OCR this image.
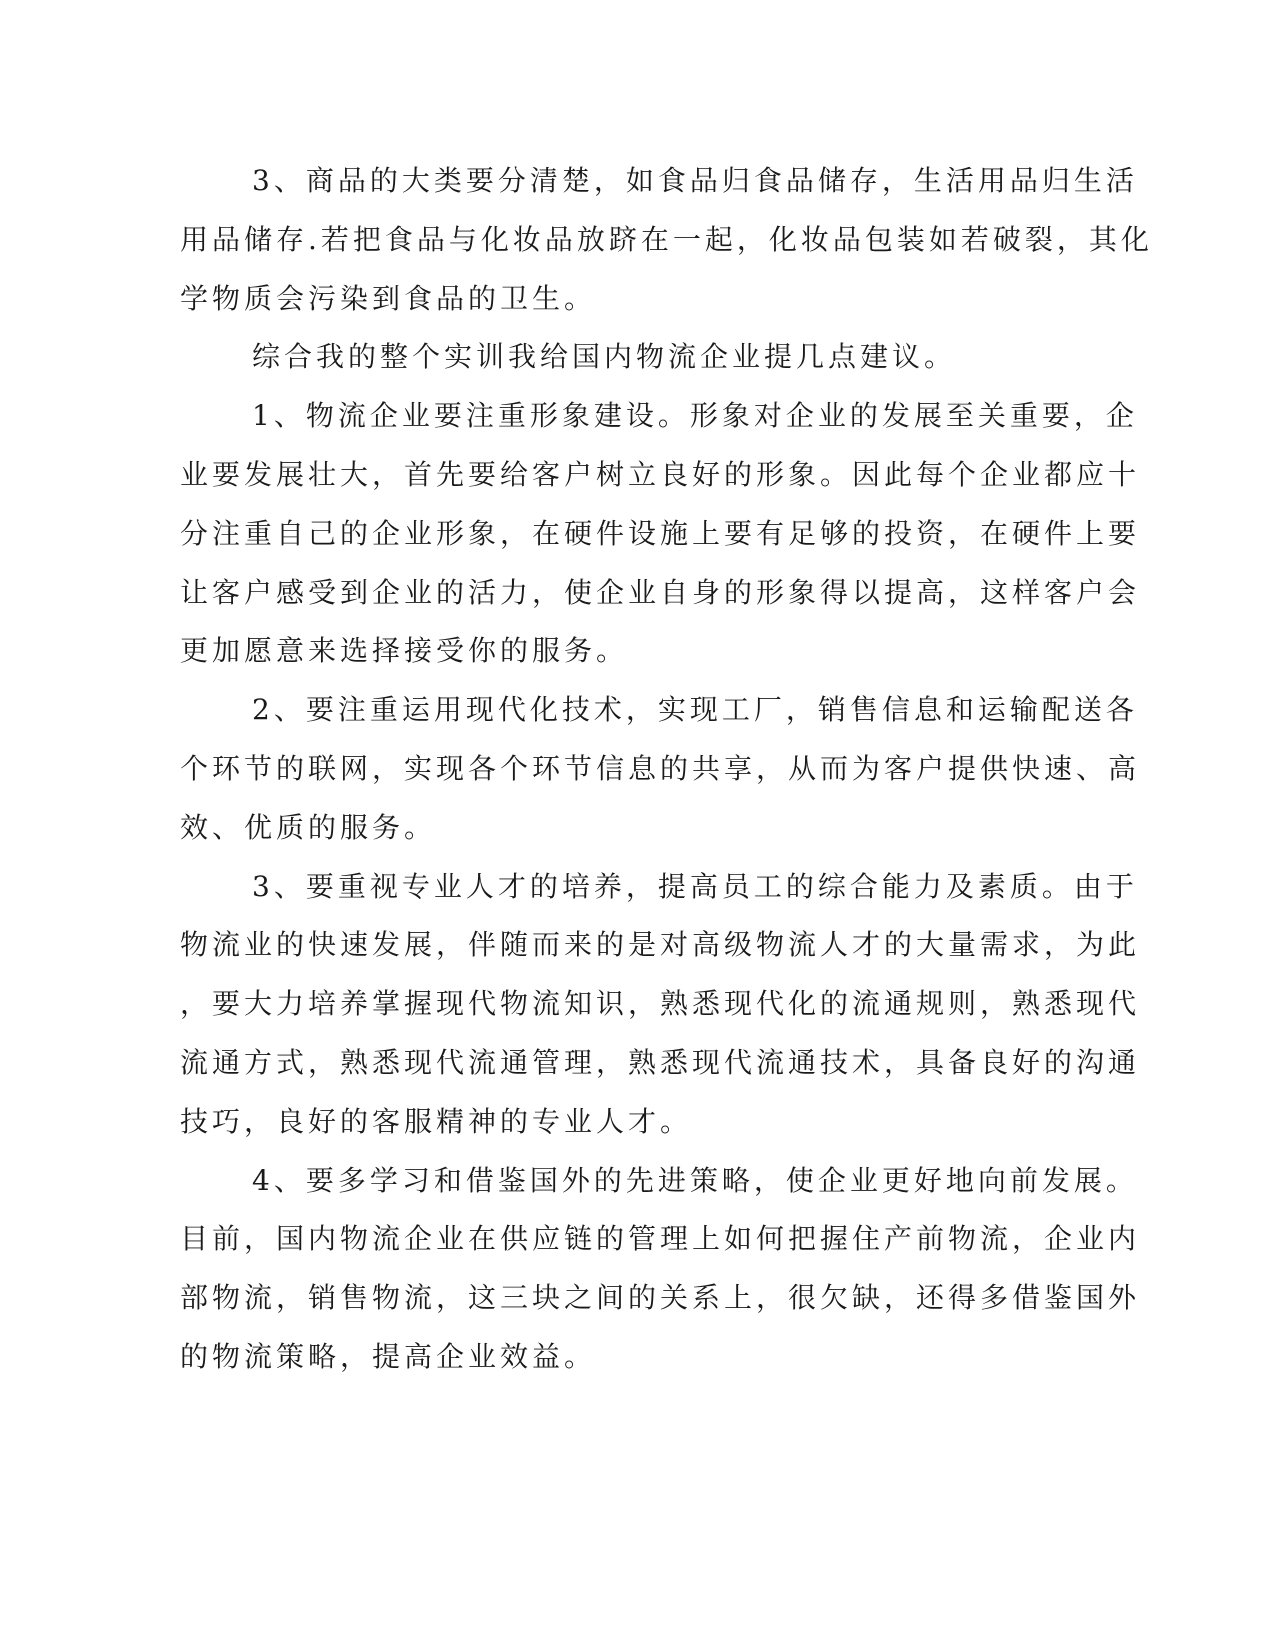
3、商品的大类要分清楚，如食品归食品储存，生活用品归生活
用品储存.若把食品与化妆品放跻在一起，化妆品包装如若破裂，其化
学物质会污染到食品的卫生。

综合我的整个实训我给国内物流企业提几点建议。

1、物流企业要注重形象建设。形象对企业的发展至关重要，企
业要发展壮大，首先要给客户树立良好的形象。因此每个企业都应十
分注重自己的企业形象，在硬件设施上要有足够的投资，在硬件上要
让客户感受到企业的活力，使企业自身的形象得以提高，这样客户会
更加愿意来选择接受你的服务。

2、要注重运用现代化技术，实现工厂，销售信息和运输配送各
个环节的联网，实现各个环节信息的共享，从而为客户提供快速、高
效、优质的服务。

3、要重视专业人才的培养，提高员工的综合能力及素质。由于
物流业的快速发展，伴随而来的是对高级物流人才的大量需求，为此
，要大力培养掌握现代物流知识，熟悉现代化的流通规则，熟悉现代
流通方式，熟悉现代流通管理，熟悉现代流通技术，具备良好的沟通
技巧，良好的客服精神的专业人才。

4、要多学习和借鉴国外的先进策略，使企业更好地向前发展。
目前，国内物流企业在供应链的管理上如何把握住产前物流，企业内
部物流，销售物流，这三块之间的关系上，很欠缺，还得多借鉴国外
的物流策略，提高企业效益。
